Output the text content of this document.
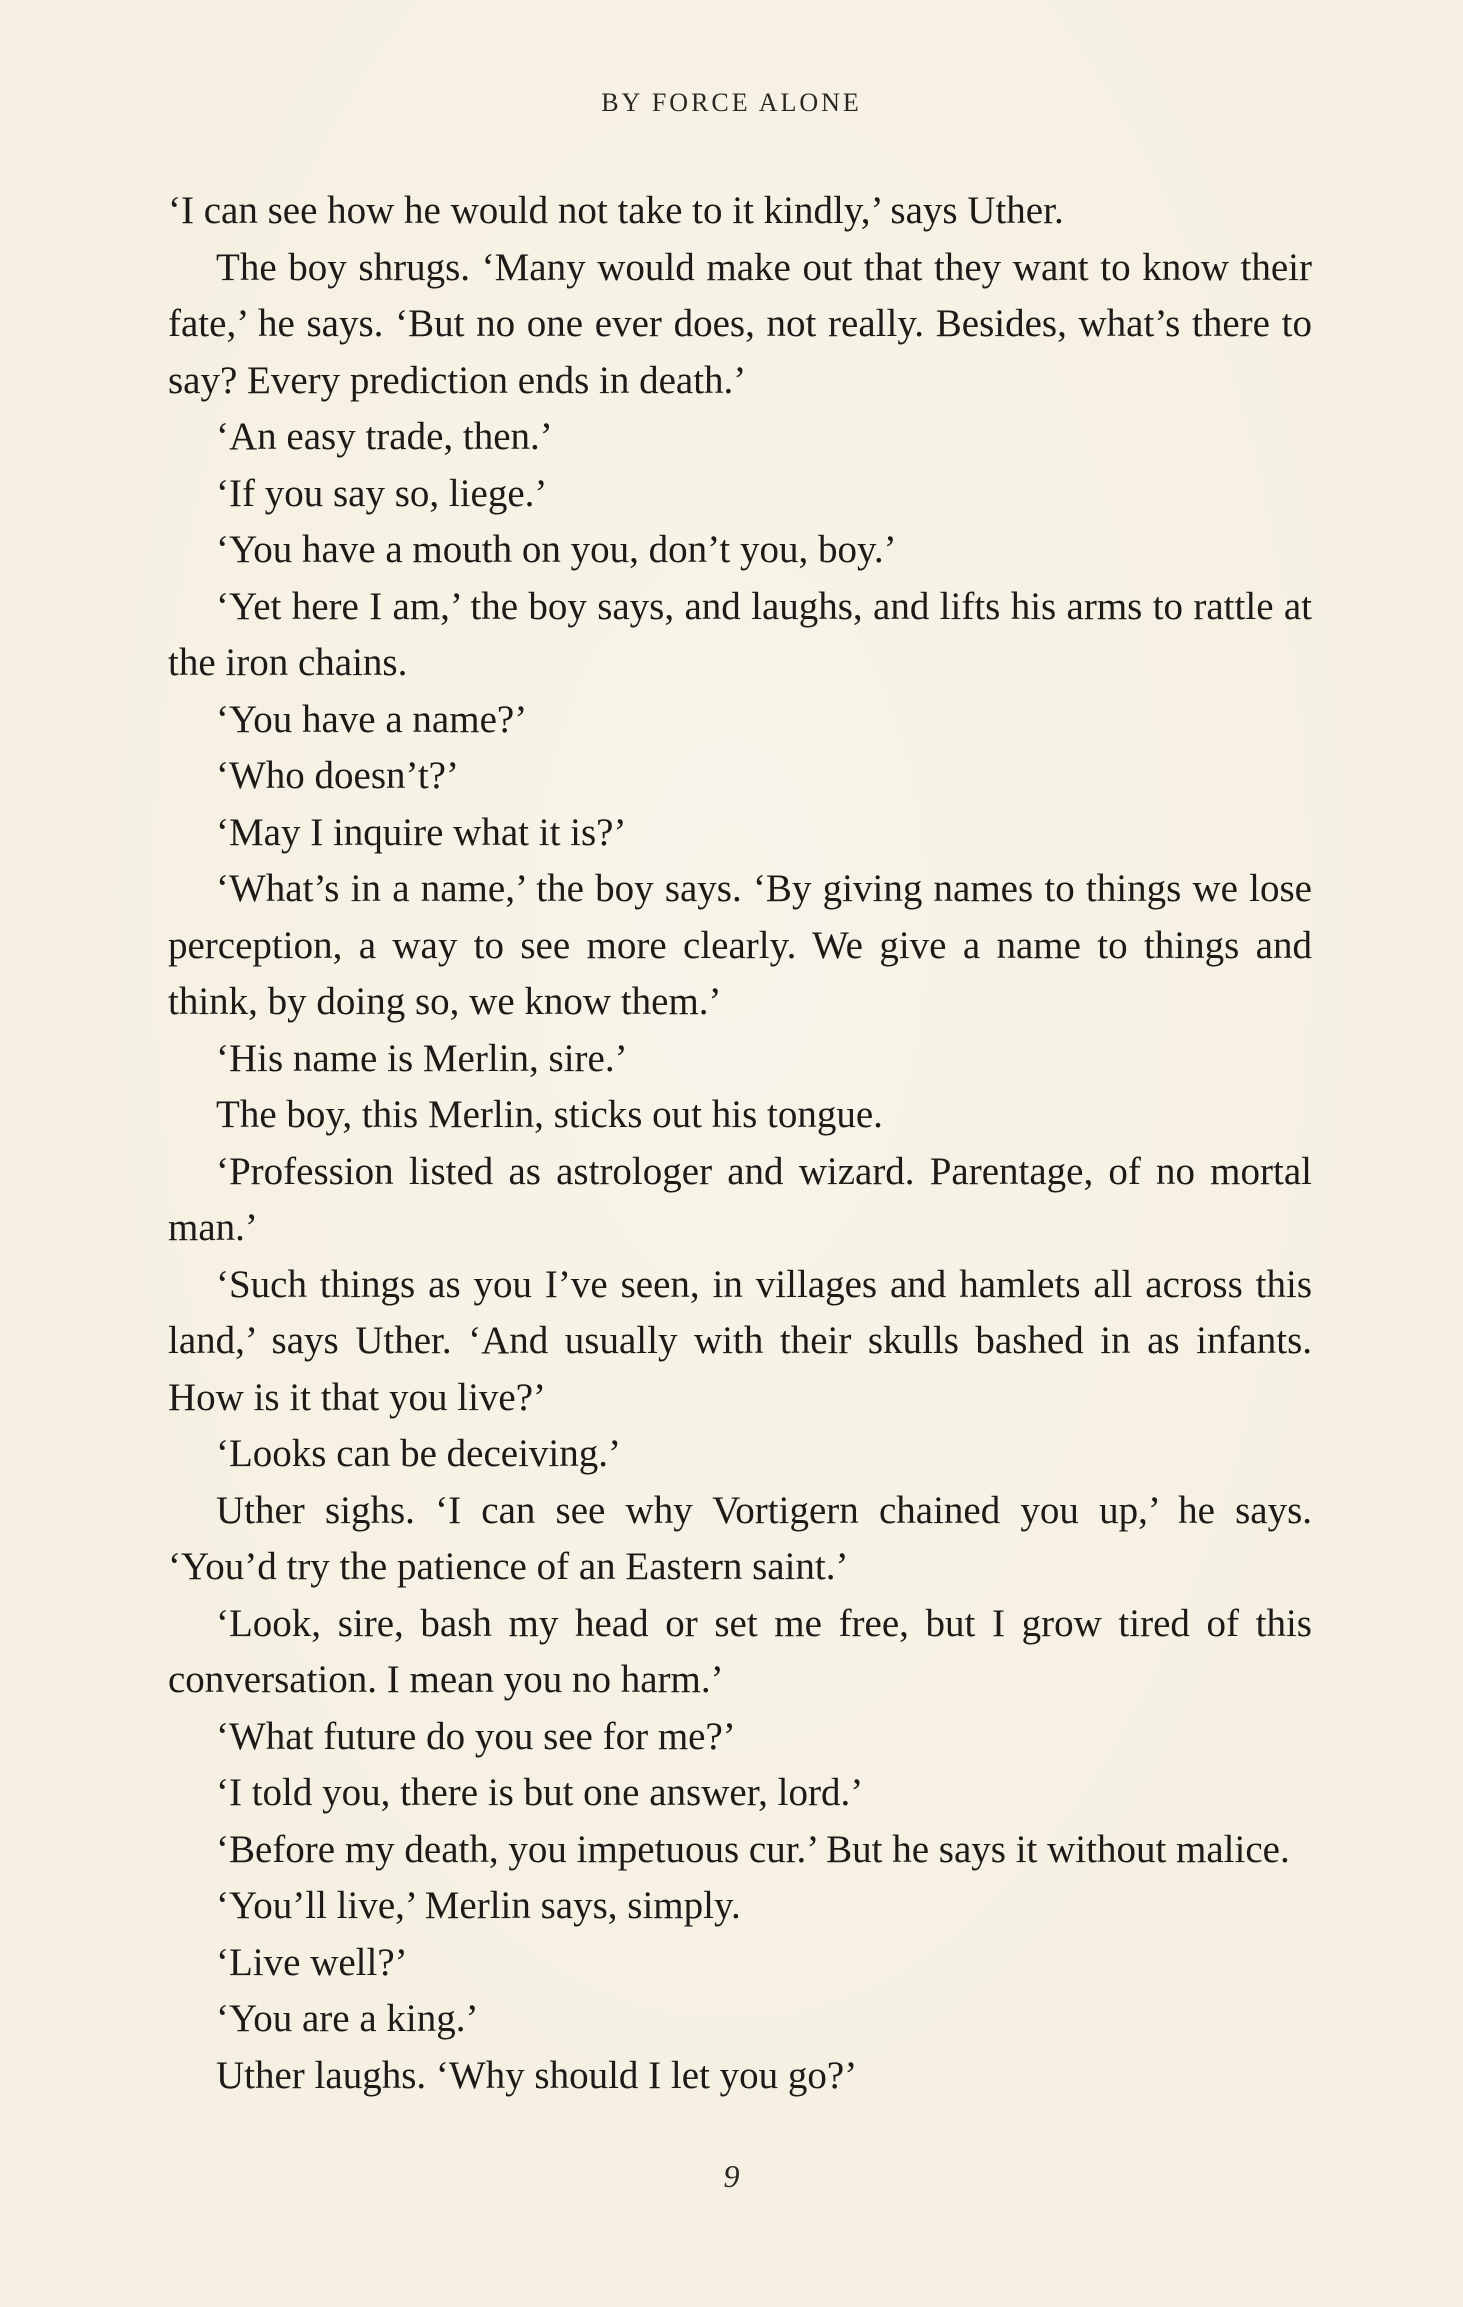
BY FORCE ALONE

‘I can see how he would not take to it kindly,’ says Uther.

The boy shrugs. ‘Many would make out that they want to know their fate,’ he says. ‘But no one ever does, not really. Besides, what’s there to say? Every prediction ends in death.’

‘An easy trade, then.’

‘If you say so, liege.’

‘You have a mouth on you, don’t you, boy.’

‘Yet here I am,’ the boy says, and laughs, and lifts his arms to rattle at the iron chains.

‘You have a name?’

‘Who doesn’t?’

‘May I inquire what it is?’

‘What’s in a name,’ the boy says. ‘By giving names to things we lose perception, a way to see more clearly. We give a name to things and think, by doing so, we know them.’

‘His name is Merlin, sire.’

The boy, this Merlin, sticks out his tongue.

‘Profession listed as astrologer and wizard. Parentage, of no mortal man.’

‘Such things as you I’ve seen, in villages and hamlets all across this land,’ says Uther. ‘And usually with their skulls bashed in as infants. How is it that you live?’

‘Looks can be deceiving.’

Uther sighs. ‘I can see why Vortigern chained you up,’ he says. ‘You’d try the patience of an Eastern saint.’

‘Look, sire, bash my head or set me free, but I grow tired of this conversation. I mean you no harm.’

‘What future do you see for me?’

‘I told you, there is but one answer, lord.’

‘Before my death, you impetuous cur.’ But he says it without malice.

‘You’ll live,’ Merlin says, simply.

‘Live well?’

‘You are a king.’

Uther laughs. ‘Why should I let you go?’

9
